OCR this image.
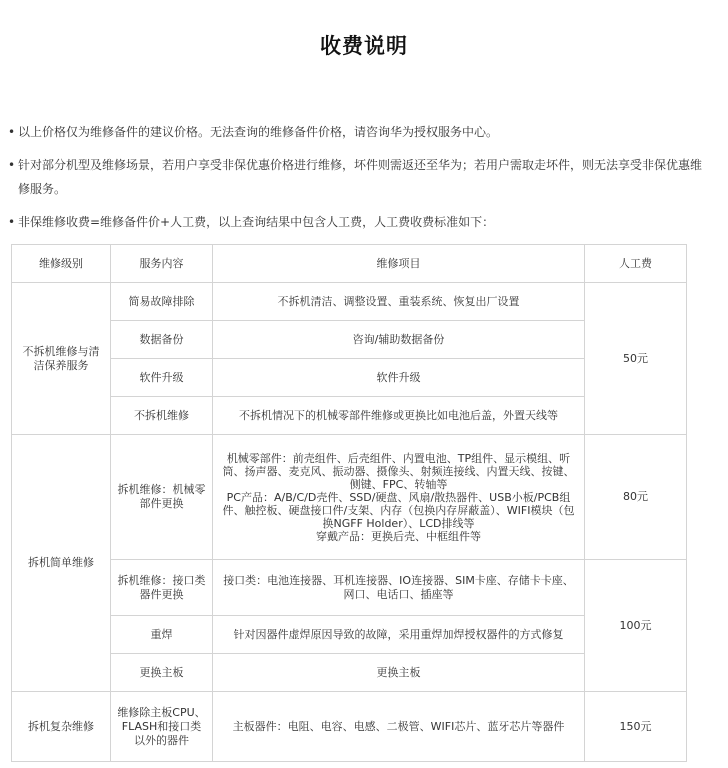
收费说明
• 以上价格仅为维修备件的建议价格。无法查询的维修备件价格，请咨询华为授权服务中心。
• 针对部分机型及维修场景，若用户享受非保优惠价格进行维修，坏件则需返还至华为；若用户需取走坏件，则无法享受非保优惠维修服务。
• 非保维修收费=维修备件价+人工费，以上查询结果中包含人工费，人工费收费标准如下：
维修级别	服务内容	维修项目	人工费
不拆机维修与清洁保养服务	简易故障排除	不拆机清洁、调整设置、重装系统、恢复出厂设置	50元
	数据备份	咨询/辅助数据备份	
	软件升级	软件升级	
	不拆机维修	不拆机情况下的机械零部件维修或更换比如电池后盖，外置天线等	
拆机简单维修	拆机维修：机械零部件更换	机械零部件：前壳组件、后壳组件、内置电池、TP组件、显示模组、听筒、扬声器、麦克风、振动器、摄像头、射频连接线、内置天线、按键、侧键、FPC、转轴等
PC产品：A/B/C/D壳件、SSD/硬盘、风扇/散热器件、USB小板/PCB组件、触控板、硬盘接口件/支架、内存（包换内存屏蔽盖）、WIFI模块（包换NGFF Holder）、LCD排线等
穿戴产品：更换后壳、中框组件等	80元
	拆机维修：接口类器件更换	接口类：电池连接器、耳机连接器、IO连接器、SIM卡座、存储卡卡座、网口、电话口、插座等	100元
	重焊	针对因器件虚焊原因导致的故障，采用重焊加焊授权器件的方式修复	
	更换主板	更换主板	
拆机复杂维修	维修除主板CPU、FLASH和接口类以外的器件	主板器件：电阻、电容、电感、二极管、WIFI芯片、蓝牙芯片等器件	150元
